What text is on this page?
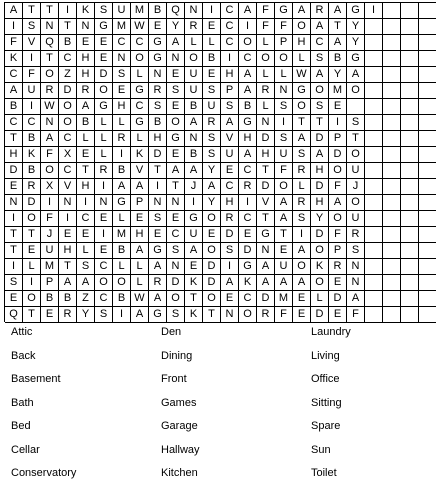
A T	T	I	K S U M B Q N	I	C A F G A R A G	I
I	S N T N G M W E Y R E C	I	F	F O A T Y
F V Q B E E C C G A	L	L C O L	P H C A Y
K	I	T C H E N O G N O B	I	C O O L	S B G
C F O Z H D S	L N E U E H A	L	L W A Y A
A U R D R O E G R S U S P A R N G O M O
B	I	W O A G H C S E B U S B	L	S O S E
C C N O B	L	L G B O A R A G N	I	T	T	I	S
T B A C L	L R L H G N S V H D S A D P T
H K F X E	L	I	K D E B S U A H U S A D O
D B O C T R B V T A A Y E C T	F R H O U
E R X V H	I	A A	I	T	J	A C R D O L D F	J
N D	I	N	I	N G P N N	I	Y H	I	V A R H A O
I	O F	I	C E	L	E S E G O R C T A S Y O U
T	T	J	E E	I	M H E C U E D E G T	I	D F R
T E U H L	E B A G S A O S D N E A O P S
I	L M T S C L	L	A N E D	I	G A U O K R N
S	I	P A A O O L R D K D A K A A A O E N
E O B B Z C B W A O T O E C D M E	L D A
Q T E R Y S	I	A G S K T N O R F E D E F
Attic	Den	Laundry
Back	Dining	Living
Basement	Front	Office
Bath	Games	Sitting
Bed	Garage	Spare
Cellar	Hallway	Sun
Conservatory	Kitchen	Toilet
